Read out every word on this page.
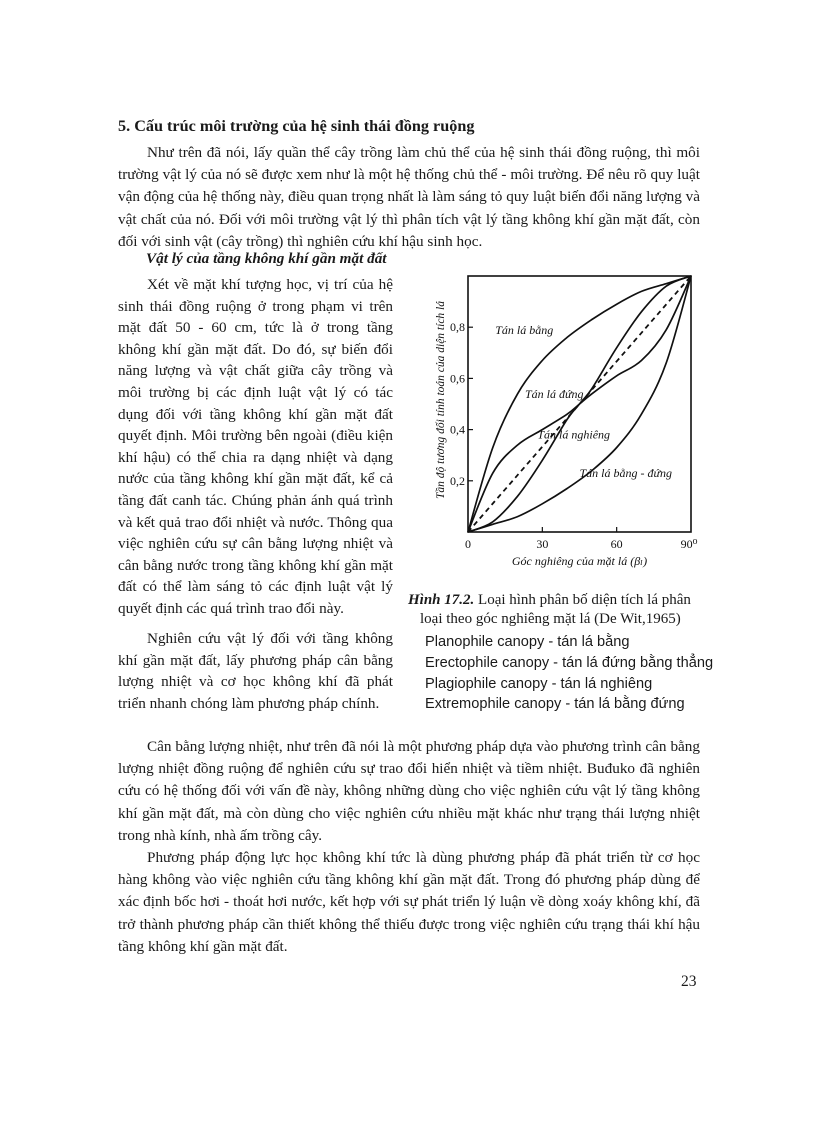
5. Cấu trúc môi trường của hệ sinh thái đồng ruộng

Như trên đã nói, lấy quần thể cây trồng làm chủ thể của hệ sinh thái đồng ruộng, thì môi trường vật lý của nó sẽ được xem như là một hệ thống chủ thể - môi trường. Để nêu rõ quy luật vận động của hệ thống này, điều quan trọng nhất là làm sáng tỏ quy luật biến đổi năng lượng và vật chất của nó. Đối với môi trường vật lý thì phân tích vật lý tầng không khí gần mặt đất, còn đối với sinh vật (cây trồng) thì nghiên cứu khí hậu sinh học.

Vật lý của tầng không khí gần mặt đất

Xét về mặt khí tượng học, vị trí của hệ sinh thái đồng ruộng ở trong phạm vi trên mặt đất 50 - 60 cm, tức là ở trong tầng không khí gần mặt đất. Do đó, sự biến đổi năng lượng và vật chất giữa cây trồng và môi trường bị các định luật vật lý có tác dụng đối với tầng không khí gần mặt đất quyết định. Môi trường bên ngoài (điều kiện khí hậu) có thể chia ra dạng nhiệt và dạng nước của tầng không khí gần mặt đất, kể cả tầng đất canh tác. Chúng phản ánh quá trình và kết quả trao đổi nhiệt và nước. Thông qua việc nghiên cứu sự cân bằng lượng nhiệt và cân bằng nước trong tầng không khí gần mặt đất có thể làm sáng tỏ các định luật vật lý quyết định các quá trình trao đổi này.

Nghiên cứu vật lý đối với tầng không khí gần mặt đất, lấy phương pháp cân bằng lượng nhiệt và cơ học không khí đã phát triển nhanh chóng làm phương pháp chính.

Cân bằng lượng nhiệt, như trên đã nói là một phương pháp dựa vào phương trình cân bằng lượng nhiệt đồng ruộng để nghiên cứu sự trao đổi hiển nhiệt và tiềm nhiệt. Buđuko đã nghiên cứu có hệ thống đối với vấn đề này, không những dùng cho việc nghiên cứu vật lý tầng không khí gần mặt đất, mà còn dùng cho việc nghiên cứu nhiều mặt khác như trạng thái lượng nhiệt trong nhà kính, nhà ấm trồng cây.

Phương pháp động lực học không khí tức là dùng phương pháp đã phát triển từ cơ học hàng không vào việc nghiên cứu tầng không khí gần mặt đất. Trong đó phương pháp dùng để xác định bốc hơi - thoát hơi nước, kết hợp với sự phát triển lý luận về dòng xoáy không khí, đã trở thành phương pháp cần thiết không thể thiếu được trong việc nghiên cứu trạng thái khí hậu tầng không khí gần mặt đất.

0	30	60	90⁰
0,2
0,4
0,6
0,8
Góc nghiêng của mặt lá (βₗ)
Tần độ tương đối tính toán của diện tích lá	Tán lá bằng
Tán lá đứng
Tán lá nghiêng
Tán lá bằng - đứng
Hình 17.2. Loại hình phân bố diện tích lá phân
loại theo góc nghiêng mặt lá (De Wit,1965)
Planophile canopy - tán lá bằng
Erectophile canopy - tán lá đứng bằng thẳng
Plagiophile canopy - tán lá nghiêng
Extremophile canopy - tán lá bằng đứng
23
